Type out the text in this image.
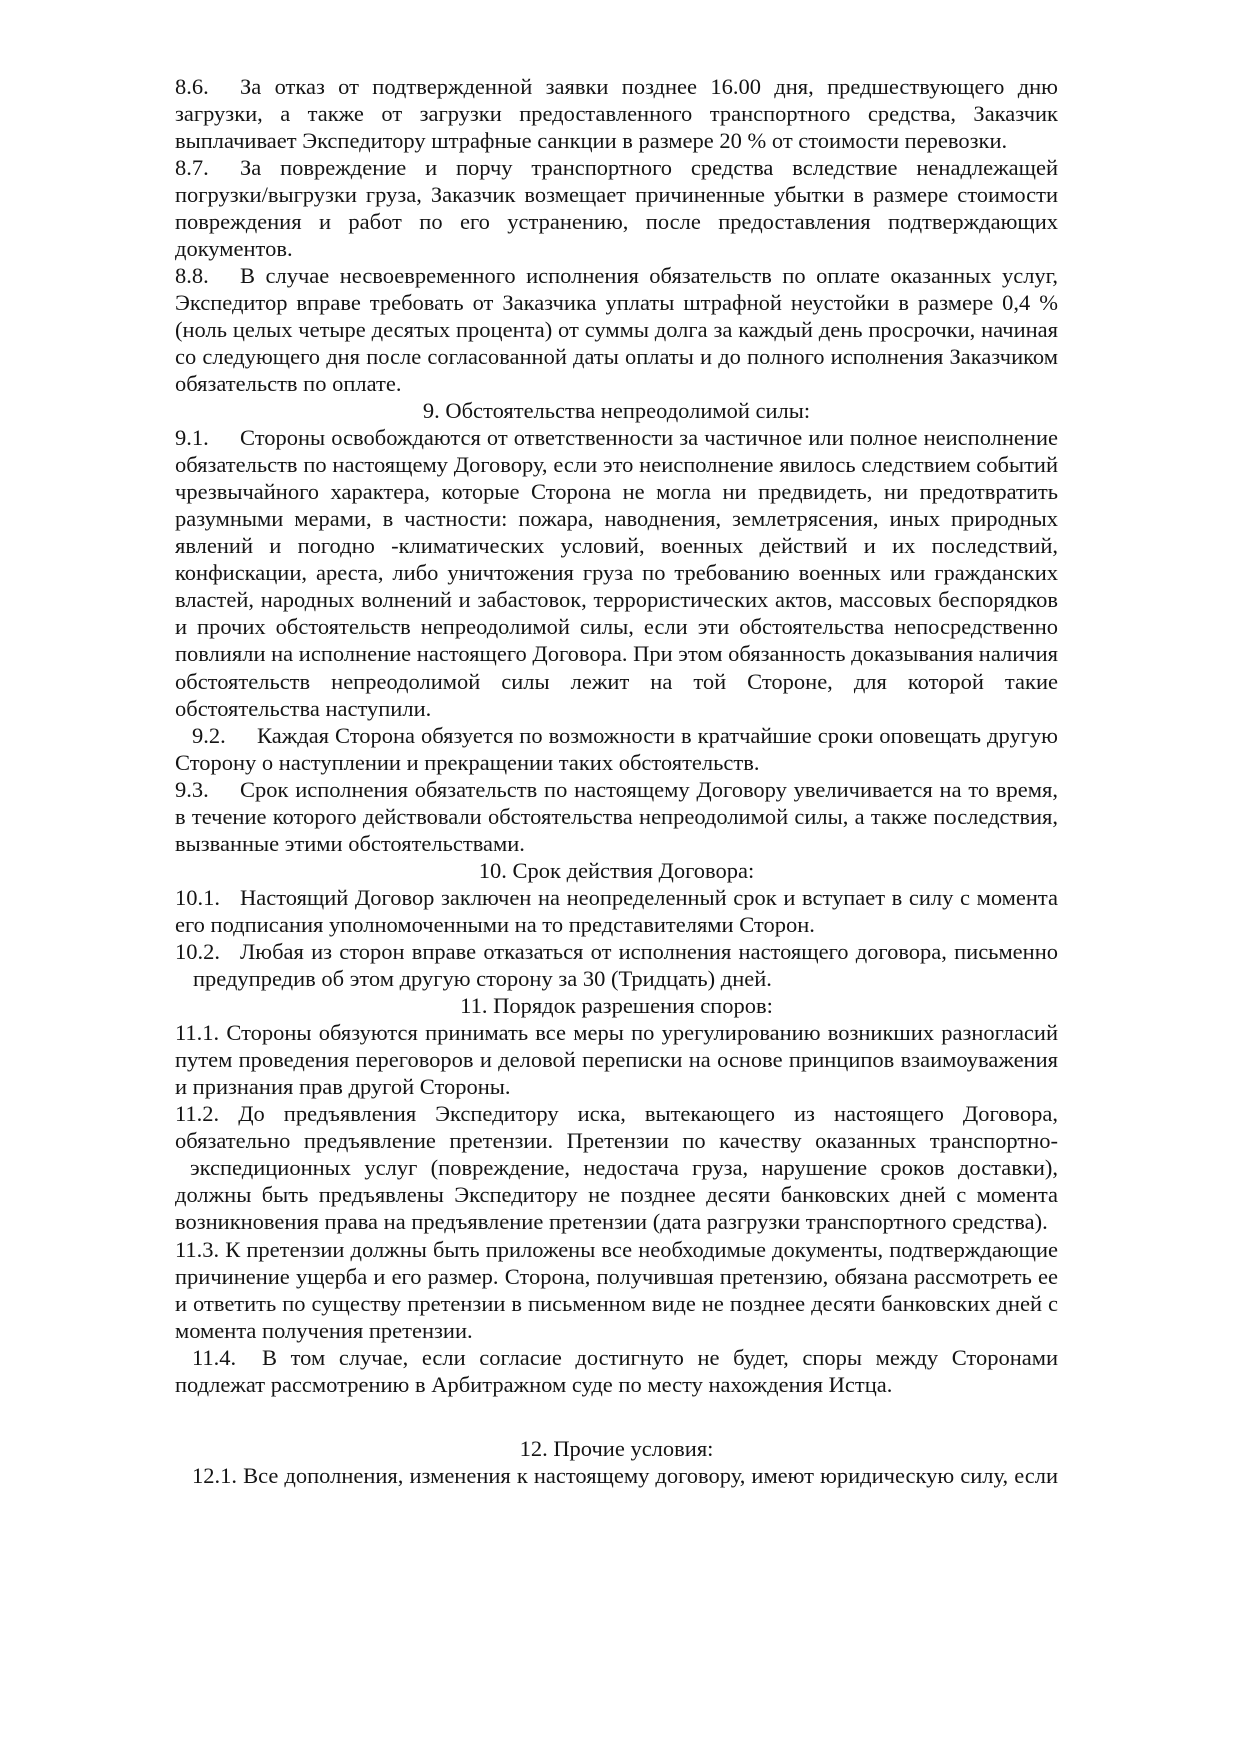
8.6.	За отказ от подтвержденной заявки позднее 16.00 дня, предшествующего дню
загрузки, а также от загрузки предоставленного транспортного средства, Заказчик
выплачивает Экспедитору штрафные санкции в размере 20 % от стоимости перевозки.
8.7.	За повреждение и порчу транспортного средства вследствие ненадлежащей
погрузки/выгрузки груза, Заказчик возмещает причиненные убытки в размере стоимости
повреждения и работ по его устранению, после предоставления подтверждающих
документов.
8.8.	В случае несвоевременного исполнения обязательств по оплате оказанных услуг,
Экспедитор вправе требовать от Заказчика уплаты штрафной неустойки в размере 0,4 %
(ноль целых четыре десятых процента) от суммы долга за каждый день просрочки, начиная
со следующего дня после согласованной даты оплаты и до полного исполнения Заказчиком
обязательств по оплате.
9. Обстоятельства непреодолимой силы:
9.1.	Стороны освобождаются от ответственности за частичное или полное неисполнение
обязательств по настоящему Договору, если это неисполнение явилось следствием событий
чрезвычайного характера, которые Сторона не могла ни предвидеть, ни предотвратить
разумными мерами, в частности: пожара, наводнения, землетрясения, иных природных
явлений и погодно -климатических условий, военных действий и их последствий,
конфискации, ареста, либо уничтожения груза по требованию военных или гражданских
властей, народных волнений и забастовок, террористических актов, массовых беспорядков
и прочих обстоятельств непреодолимой силы, если эти обстоятельства непосредственно
повлияли на исполнение настоящего Договора. При этом обязанность доказывания наличия
обстоятельств непреодолимой силы лежит на той Стороне, для которой такие
обстоятельства наступили.
9.2.	Каждая Сторона обязуется по возможности в кратчайшие сроки оповещать другую
Сторону о наступлении и прекращении таких обстоятельств.
9.3.	Срок исполнения обязательств по настоящему Договору увеличивается на то время,
в течение которого действовали обстоятельства непреодолимой силы, а также последствия,
вызванные этими обстоятельствами.
10. Срок действия Договора:
10.1. Настоящий Договор заключен на неопределенный срок и вступает в силу с момента
его подписания уполномоченными на то представителями Сторон.
10.2. Любая из сторон вправе отказаться от исполнения настоящего договора, письменно
предупредив об этом другую сторону за 30 (Тридцать) дней.
11. Порядок разрешения споров:
11.1. Стороны обязуются принимать все меры по урегулированию возникших разногласий
путем проведения переговоров и деловой переписки на основе принципов взаимоуважения
и признания прав другой Стороны.
11.2. До предъявления Экспедитору иска, вытекающего из настоящего Договора,
обязательно предъявление претензии. Претензии по качеству оказанных транспортно-
экспедиционных услуг (повреждение, недостача груза, нарушение сроков доставки),
должны быть предъявлены Экспедитору не позднее десяти банковских дней с момента
возникновения права на предъявление претензии (дата разгрузки транспортного средства).
11.3. К претензии должны быть приложены все необходимые документы, подтверждающие
причинение ущерба и его размер. Сторона, получившая претензию, обязана рассмотреть ее
и ответить по существу претензии в письменном виде не позднее десяти банковских дней с
момента получения претензии.
11.4.	В том случае, если согласие достигнуто не будет, споры между Сторонами
подлежат рассмотрению в Арбитражном суде по месту нахождения Истца.
12. Прочие условия:
12.1. Все дополнения, изменения к настоящему договору, имеют юридическую силу, если
